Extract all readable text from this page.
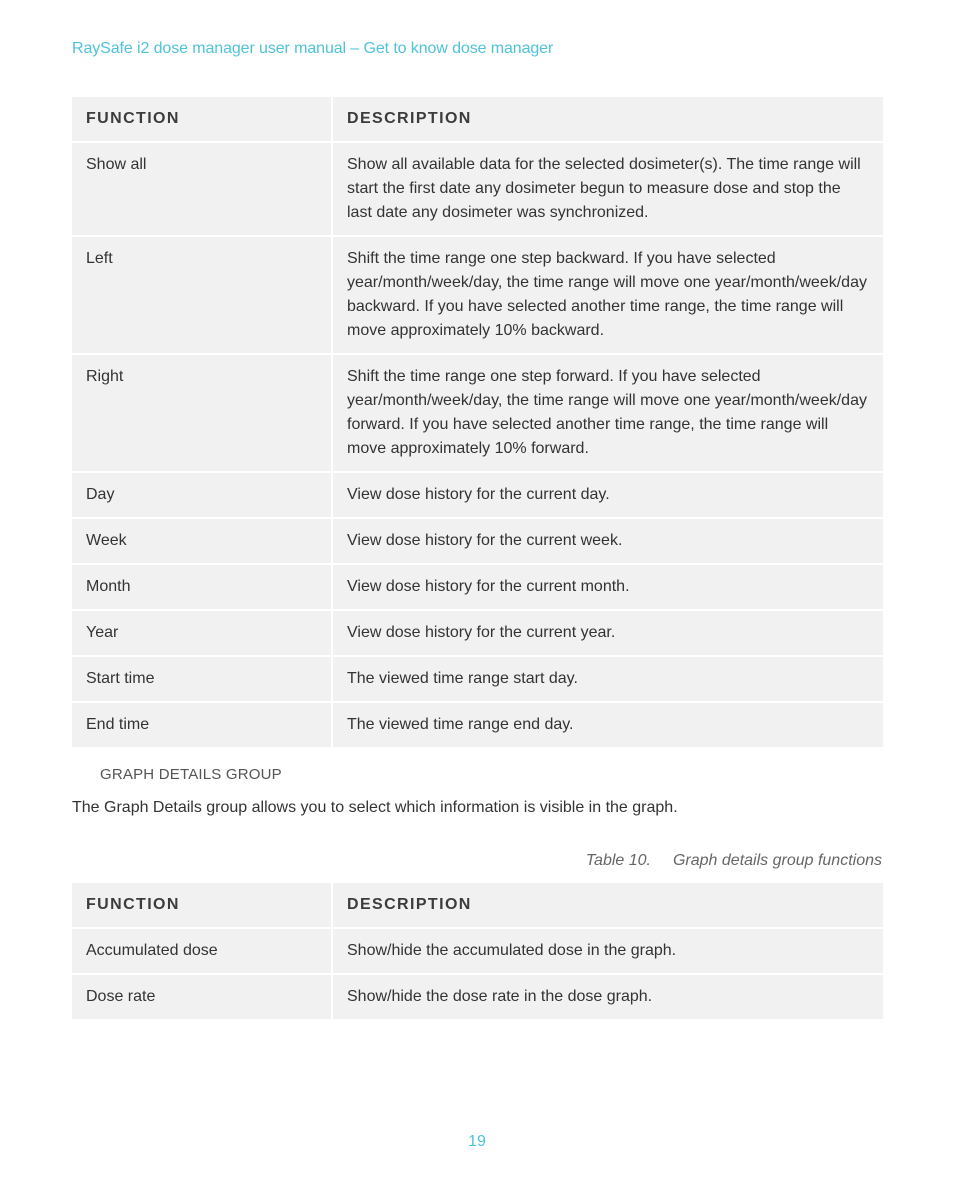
RaySafe i2 dose manager user manual – Get to know dose manager
FUNCTION	DESCRIPTION
Show all	Show all available data for the selected dosimeter(s). The time range will start the first date any dosimeter begun to measure dose and stop the last date any dosimeter was synchronized.
Left	Shift the time range one step backward. If you have selected year/month/week/day, the time range will move one year/month/week/day backward. If you have selected another time range, the time range will move approximately 10% backward.
Right	Shift the time range one step forward. If you have selected year/month/week/day, the time range will move one year/month/week/day forward. If you have selected another time range, the time range will move approximately 10% forward.
Day	View dose history for the current day.
Week	View dose history for the current week.
Month	View dose history for the current month.
Year	View dose history for the current year.
Start time	The viewed time range start day.
End time	The viewed time range end day.
GRAPH DETAILS GROUP
The Graph Details group allows you to select which information is visible in the graph.
Table 10. Graph details group functions
FUNCTION	DESCRIPTION
Accumulated dose	Show/hide the accumulated dose in the graph.
Dose rate	Show/hide the dose rate in the dose graph.
19
